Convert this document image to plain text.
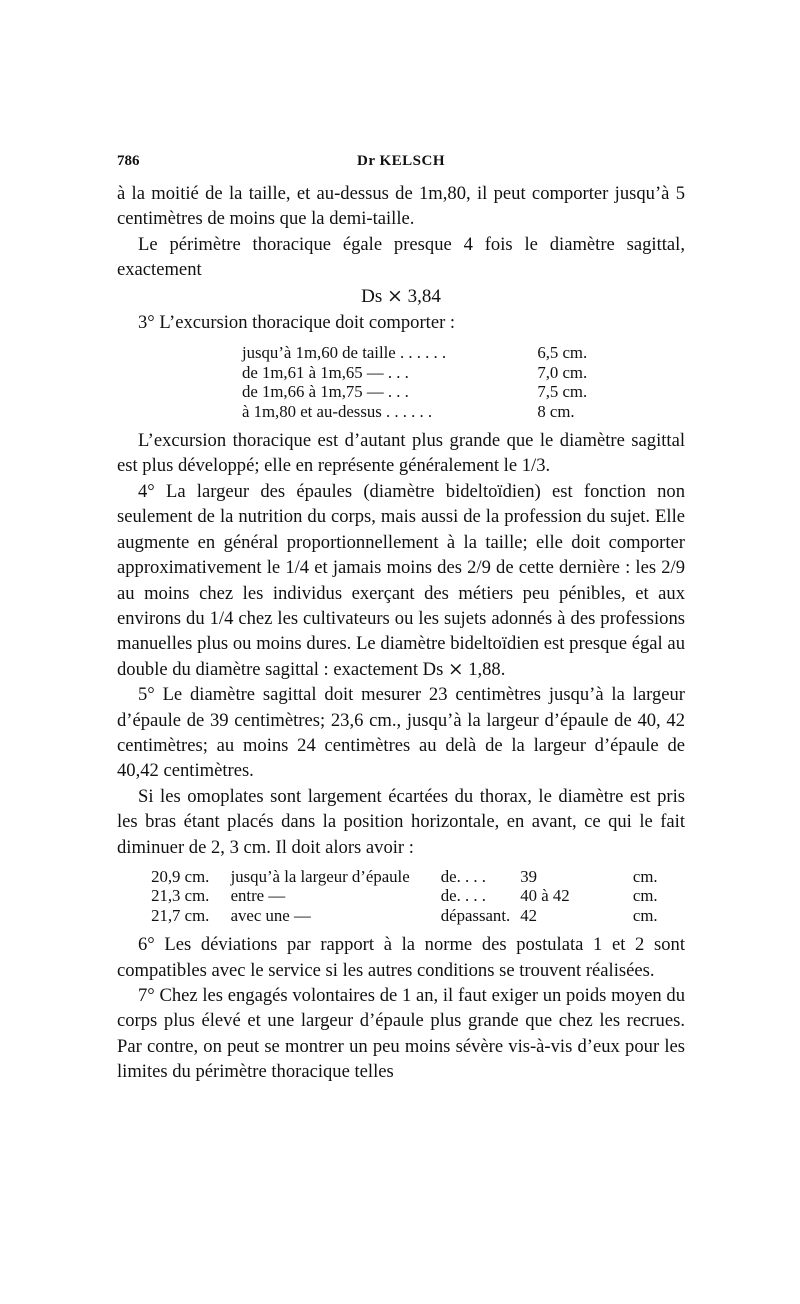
786	Dr KELSCH

à la moitié de la taille, et au-dessus de 1m,80, il peut comporter jusqu’à 5 centimètres de moins que la demi-taille.

Le périmètre thoracique égale presque 4 fois le diamètre sagittal, exactement

Ds ⨯ 3,84

3° L’excursion thoracique doit comporter :

	jusqu’à 1m,60 de taille . . . . . .	6,5 cm.
	de 1m,61 à 1m,65 — . . .	7,0 cm.
	de 1m,66 à 1m,75 — . . .	7,5 cm.
	à 1m,80 et au-dessus . . . . . .	8 cm.

L’excursion thoracique est d’autant plus grande que le diamètre sagittal est plus développé; elle en représente généralement le 1/3.

4° La largeur des épaules (diamètre bideltoïdien) est fonction non seulement de la nutrition du corps, mais aussi de la profession du sujet. Elle augmente en général proportionnellement à la taille; elle doit comporter approximativement le 1/4 et jamais moins des 2/9 de cette dernière : les 2/9 au moins chez les individus exerçant des métiers peu pénibles, et aux environs du 1/4 chez les cultivateurs ou les sujets adonnés à des professions manuelles plus ou moins dures. Le diamètre bideltoïdien est presque égal au double du diamètre sagittal : exactement Ds ⨯ 1,88.

5° Le diamètre sagittal doit mesurer 23 centimètres jusqu’à la largeur d’épaule de 39 centimètres; 23,6 cm., jusqu’à la largeur d’épaule de 40, 42 centimètres; au moins 24 centimètres au delà de la largeur d’épaule de 40,42 centimètres.

Si les omoplates sont largement écartées du thorax, le diamètre est pris les bras étant placés dans la position horizontale, en avant, ce qui le fait diminuer de 2, 3 cm. Il doit alors avoir :

	20,9 cm.	jusqu’à la largeur d’épaule	de. . . .	39	cm.
	21,3 cm.	entre —	de. . . .	40 à 42	cm.
	21,7 cm.	avec une —	dépassant.	42	cm.

6° Les déviations par rapport à la norme des postulata 1 et 2 sont compatibles avec le service si les autres conditions se trouvent réalisées.

7° Chez les engagés volontaires de 1 an, il faut exiger un poids moyen du corps plus élevé et une largeur d’épaule plus grande que chez les recrues. Par contre, on peut se montrer un peu moins sévère vis-à-vis d’eux pour les limites du périmètre thoracique telles
